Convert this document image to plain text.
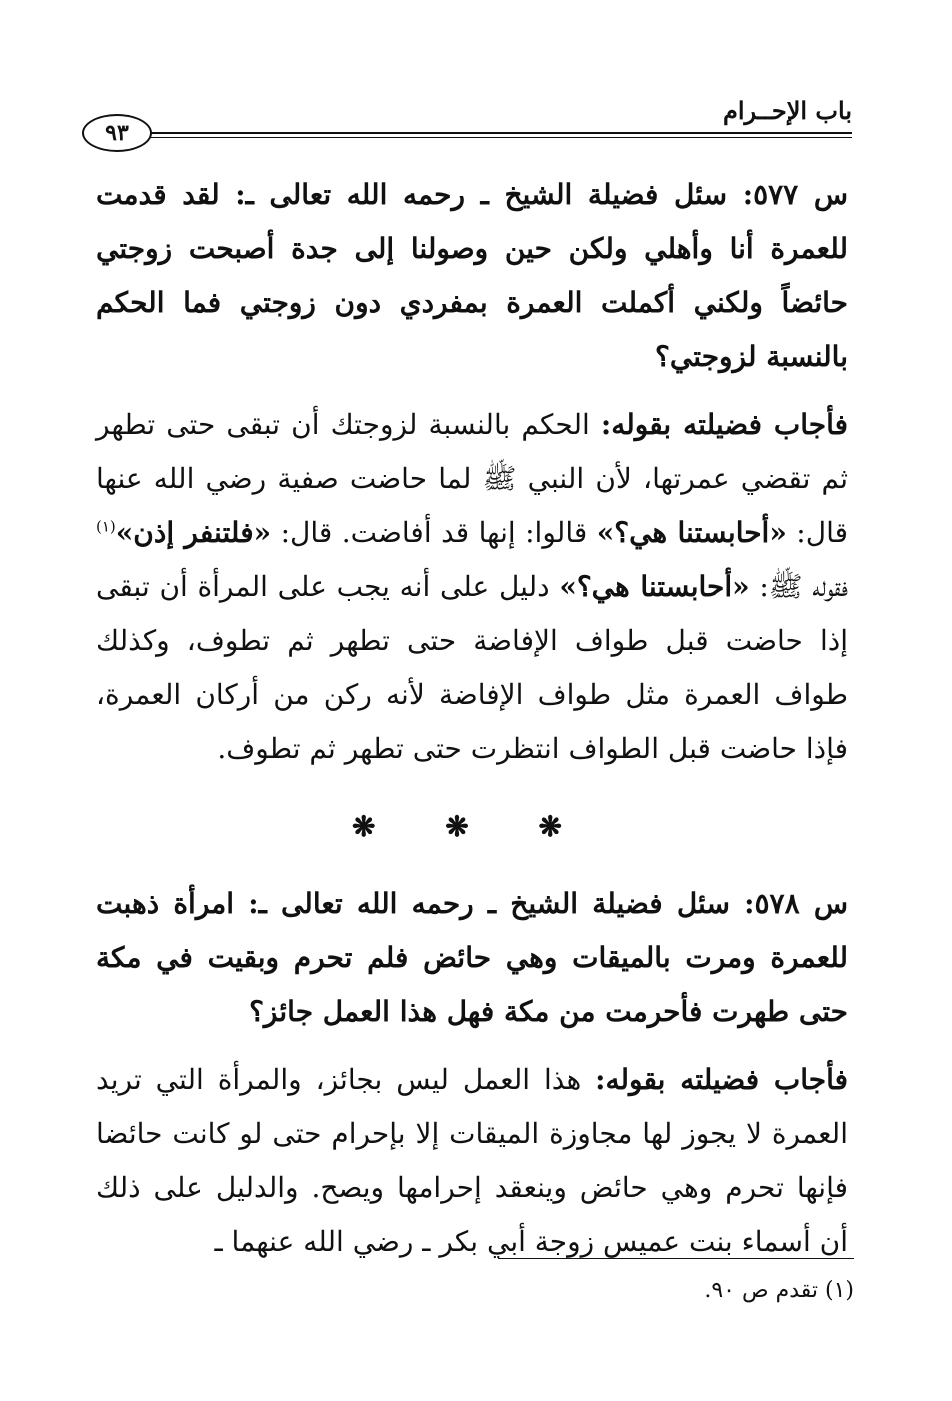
باب الإحــرام
٩٣

س ٥٧٧: سئل فضيلة الشيخ ـ رحمه الله تعالى ـ: لقد قدمت للعمرة أنا وأهلي ولكن حين وصولنا إلى جدة أصبحت زوجتي حائضاً ولكني أكملت العمرة بمفردي دون زوجتي فما الحكم بالنسبة لزوجتي؟

فأجاب فضيلته بقوله: الحكم بالنسبة لزوجتك أن تبقى حتى تطهر ثم تقضي عمرتها، لأن النبي ﷺ لما حاضت صفية رضي الله عنها قال: «أحابستنا هي؟» قالوا: إنها قد أفاضت. قال: «فلتنفر إذن»$^{(١)}$ فقوله ﷺ: «أحابستنا هي؟» دليل على أنه يجب على المرأة أن تبقى إذا حاضت قبل طواف الإفاضة حتى تطهر ثم تطوف، وكذلك طواف العمرة مثل طواف الإفاضة لأنه ركن من أركان العمرة، فإذا حاضت قبل الطواف انتظرت حتى تطهر ثم تطوف.

❋ ❋ ❋

س ٥٧٨: سئل فضيلة الشيخ ـ رحمه الله تعالى ـ: امرأة ذهبت للعمرة ومرت بالميقات وهي حائض فلم تحرم وبقيت في مكة حتى طهرت فأحرمت من مكة فهل هذا العمل جائز؟

فأجاب فضيلته بقوله: هذا العمل ليس بجائز، والمرأة التي تريد العمرة لا يجوز لها مجاوزة الميقات إلا بإحرام حتى لو كانت حائضا فإنها تحرم وهي حائض وينعقد إحرامها ويصح. والدليل على ذلك أن أسماء بنت عميس زوجة أبي بكر ـ رضي الله عنهما ـ

(١) تقدم ص ٩٠.
